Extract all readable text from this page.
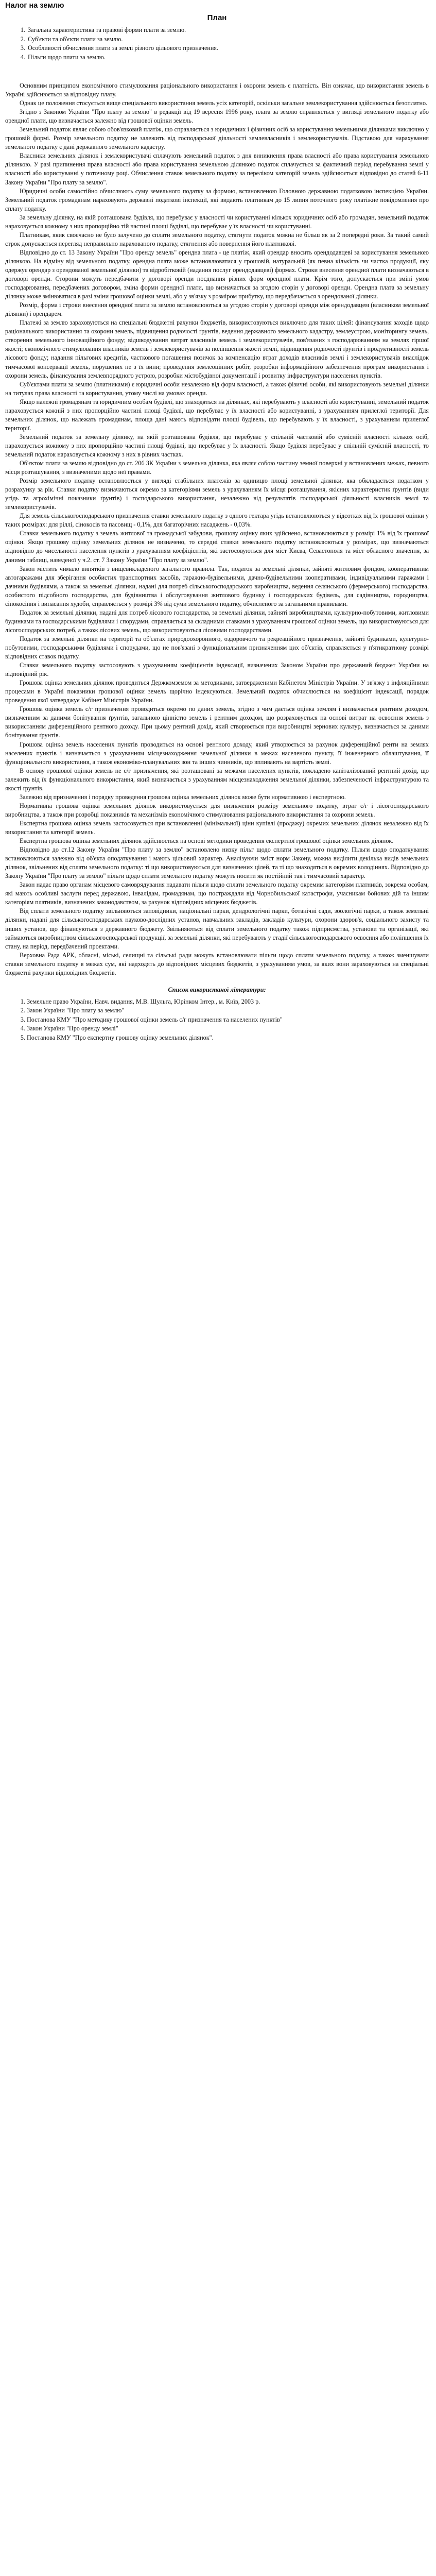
Налог на землю
План
1. Загальна характеристика та правові форми плати за землю.
2. Суб'єкти та об'єкти плати за землю.
3. Особливості обчислення плати за землі різного цільового призначення.
4. Пільги щодо плати за землю.

Основним принципом економічного стимулювання раціонального використання і охорони земель є платність. Він означає, що використання земель в Україні здійснюється за відповідну плату.

Однак це положення стосується вище спеціального використання земель усіх категорій, оскільки загальне землекористування здійснюється безоплатно.

Згідно з Законом України "Про плату за землю" в редакції від 19 вересня 1996 року, плата за землю справляється у вигляді земельного податку або орендної плати, що визначається залежно від грошової оцінки земель.

Земельний податок являє собою обов'язковий платіж, що справляється з юридичних і фізичних осіб за користування земельними ділянками виключно у грошовій формі. Розмір земельного податку не залежить від господарської діяльності землевласників і землекористувачів. Підставою для нарахування земельного податку є дані державного земельного кадастру.

Власники земельних ділянок і землекористувачі сплачують земельний податок з дня виникнення права власності або права користування земельною ділянкою. У разі припинення права власності або права користування земельною ділянкою податок сплачується за фактичний період перебування землі у власності або користуванні у поточному році. Обчислення ставок земельного податку за переліком категорій земель здійснюється відповідно до статей 6-11 Закону України "Про плату за землю".

Юридичні особи самостійно обчислюють суму земельного податку за формою, встановленою Головною державною податковою інспекцією України. Земельний податок громадянам нараховують державні податкові інспекції, які видають платникам до 15 липня поточного року платіжне повідомлення про сплату податку.

За земельну ділянку, на якій розташована будівля, що перебуває у власності чи користуванні кількох юридичних осіб або громадян, земельний податок нараховується кожному з них пропорційно тій частині площі будівлі, що перебуває у їх власності чи користуванні.

Платникам, якик своєчасно не було залучено до сплати земельного податку, стягнути податок можна не більш як за 2 попередні роки. За такий самий строк допускається перегляд неправильно нарахованого податку, стягнення або повернення його платникові.

Відповідно до ст. 13 Закону України "Про оренду земель" орендна плата - це платіж, який орендар вносить орендодавцеві за користування земельною ділянкою. На відміну від земельного податку, орендна плата може встановлюватися у грошовій, натуральній (як певна кількість чи частка продукції, яку одержує орендар з орендованої земельної ділянки) та відробітковій (надання послуг орендодавцеві) формах. Строки внесення орендної плати визначаються в договорі оренди. Сторони можуть передбачити у договорі оренди поєднання різних форм орендної плати. Крім того, допускається при зміні умов господарювання, передбачених договором, зміна форми орендної плати, що визначається за згодою сторін у договорі оренди. Орендна плата за земельну ділянку може змінюватися в разі зміни грошової оцінки землі, або у зв'язку з розміром прибутку, що передбачається з орендованої ділянки.

Розмір, форма і строки внесення орендної плати за землю встановлюються за угодою сторін у договорі оренди між орендодавцем (власником земельної ділянки) і орендарем.

Платежі за землю зараховуються на спеціальні бюджетні рахунки бюджетів, використовуються виключно для таких цілей: фінансування заходів щодо раціонального використання та охорони земель, підвищення родючості ґрунтів, ведення державного земельного кадастру, землеустрою, моніторингу земель, створення земельного інноваційного фонду; відшкодування витрат власників земель і землекористувачів, пов'язаних з господарюванням на землях гіршої якості; економічного стимулювання власників земель і землекористувачів за поліпшення якості землі, підвищення родючості ґрунтів і продуктивності земель лісового фонду; надання пільгових кредитів, часткового погашення позичок за компенсацію втрат доходів власників землі і землекористувачів внаслідок тимчасової консервації земель, порушених не з їх вини; проведення землеоцінних робіт, розробки інформаційного забезпечення програм використання і охорони земель, фінансування землевпорядного устрою, розробки містобудівної документації і розвитку інфраструктури населених пунктів.

Суб'єктами плати за землю (платниками) є юридичні особи незалежно від форм власності, а також фізичні особи, які використовують земельні ділянки на титулах права власності та користування, утому числі на умовах оренди.

Якщо належні громадянам та юридичним особам будівлі, що знаходяться на ділянках, які перебувають у власності або користуванні, земельний податок нараховується кожній з них пропорційно частині площі будівлі, що перебуває у їх власності або користуванні, з урахуванням прилеглої території. Для земельних ділянок, що належать громадянам, площа дані мають відповідати площі будівель, що перебувають у їх власності, з урахуванням прилеглої території.

Земельний податок за земельну ділянку, на якій розташована будівля, що перебуває у спільній частковій або сумісній власності кількох осіб, нараховується кожному з них пропорційно частині площі будівлі, що перебуває у їх власності. Якщо будівля перебуває у спільній сумісній власності, то земельний податок нараховується кожному з них в рівних частках.

Об'єктом плати за землю відповідно до ст. 206 ЗК України з земельна ділянка, яка являє собою частину земної поверхні у встановлених межах, певного місця розташування, з визначеними щодо неї правами.

Розмір земельного податку встановлюється у вигляді стабільних платежів за одиницю площі земельної ділянки, яка обкладається податком у розрахунку за рік. Ставки податку визначаються окремо за категоріями земель з урахуванням їх місця розташування, якісних характеристик ґрунтів (види угідь та агрохімічні показники ґрунтів) і господарського використання, незалежно від результатів господарської діяльності власників землі та землекористувачів.

Для земель сільськогосподарського призначення ставки земельного податку з одного гектара угідь встановлюються у відсотках від їх грошової оцінки у таких розмірах: для ріллі, сінокосів та пасовищ - 0,1%, для багаторічних насаджень - 0,03%.

Ставки земельного податку з земель житлової та громадської забудови, грошову оцінку яких здійснено, встановлюються у розмірі 1% від їх грошової оцінки. Якщо грошову оцінку земельних ділянок не визначено, то середні ставки земельного податку встановлюються у розмірах, що визначаються відповідно до чисельності населення пунктів з урахуванням коефіцієнтів, які застосовуються для міст Києва, Севастополя та міст обласного значення, за даними таблиці, наведеної у ч.2. ст. 7 Закону України "Про плату за землю".

Закон містить чимало винятків з вищевикладеного загального правила. Так, податок за земельні ділянки, зайняті житловим фондом, кооперативним автогаражами для зберігання особистих транспортних засобів, гаражно-будівельними, дачно-будівельними кооперативами, індивідуальними гаражами і дачними будівлями, а також за земельні ділянки, надані для потреб сільськогосподарського виробництва, ведення селянського (фермерського) господарства, особистого підсобного господарства, для будівництва і обслуговування житлового будинку і господарських будівель, для садівництва, городництва, сінокосіння і випасання худоби, справляється у розмірі 3% від суми земельного податку, обчисленого за загальними правилами.

Податок за земельні ділянки, надані для потреб лісового господарства, за земельні ділянки, зайняті виробництвами, культурно-побутовими, житловими будинками та господарськими будівлями і спорудами, справляється за складними ставками з урахуванням грошової оцінки земель, що використовуються для лісогосподарських потреб, а також лісових земель, що використовуються лісовими господарствами.

Податок за земельні ділянки на території та об'єктах природоохоронного, оздоровчого та рекреаційного призначення, зайняті будинками, культурно-побутовими, господарськими будівлями і спорудами, що не пов'язані з функціональним призначенням цих об'єктів, справляється у п'ятикратному розмірі відповідних ставок податку.

Ставки земельного податку застосовують з урахуванням коефіцієнтів індексації, визначених Законом України про державний бюджет України на відповідний рік.

Грошова оцінка земельних ділянок проводиться Держкомземом за методиками, затвердженими Кабінетом Міністрів України. У зв'язку з інфляційними процесами в Україні показники грошової оцінки земель щорічно індексуються. Земельний податок обчислюється на коефіцієнт індексації, порядок проведення якої затверджує Кабінет Міністрів України.

Грошова оцінка земель с/г призначення проводиться окремо по даних земель, згідно з чим дається оцінка землям і визначається рентним доходом, визначенним за даними бонітування ґрунтів, загальною цінністю земель і рентним доходом, що розраховується на основі витрат на освоєння земель з використанням диференційного рентного доходу. При цьому рентний дохід, який створюється при виробництві зернових культур, визначається за даними бонітування ґрунтів.

Грошова оцінка земель населених пунктів проводиться на основі рентного доходу, який утворюється за рахунок диференційної ренти на землях населених пунктів і визначається з урахуванням місцезнаходження земельної ділянки в межах населеного пункту, її інженерного облаштування, її функціонального використання, а також економіко-планувальних зон та інших чинників, що впливають на вартість землі.

В основу грошової оцінки земель не с/г призначення, які розташовані за межами населених пунктів, покладено капіталізований рентний дохід, що залежить від їх функціонального використання, який визначається з урахуванням місцезнаходження земельної ділянки, забезпеченості інфраструктурою та якості ґрунтів.

Залежно від призначення і порядку проведення грошова оцінка земельних ділянок може бути нормативною і експертною.

Нормативна грошова оцінка земельних ділянок використовується для визначення розміру земельного податку, втрат с/г і лісогосподарського виробництва, а також при розробці показників та механізмів економічного стимулювання раціонального використання та охорони земель.

Експертна грошова оцінка земель застосовується при встановленні (мінімальної) ціни купівлі (продажу) окремих земельних ділянок незалежно від їх використання та категорії земель.

Експертна грошова оцінка земельних ділянок здійснюється на основі методики проведення експертної грошової оцінки земельних ділянок.

Відповідно до ст.12 Закону України "Про плату за землю" встановлено низку пільг щодо сплати земельного податку. Пільги щодо оподаткування встановлюються залежно від об'єкта оподаткування і мають цільовий характер. Аналізуючи зміст норм Закону, можна виділити декілька видів земельних ділянок, звільнених від сплати земельного податку: ті що використовуються для визначених цілей, та ті що знаходяться в окремих володіннях. Відповідно до Закону України "Про плату за землю" пільги щодо сплати земельного податку можуть носити як постійний так і тимчасовий характер.

Закон надає право органам місцевого самоврядування надавати пільги щодо сплати земельного податку окремим категоріям платників, зокрема особам, які мають особливі заслуги перед державою, інвалідам, громадянам, що постраждали від Чорнобильської катастрофи, учасникам бойових дій та іншим категоріям платників, визначених законодавством, за рахунок відповідних місцевих бюджетів.

Від сплати земельного податку звільняються заповідники, національні парки, дендрологічні парки, ботанічні сади, зоологічні парки, а також земельні ділянки, надані для сільськогосподарських науково-дослідних установ, навчальних закладів, закладів культури, охорони здоров'я, соціального захисту та інших установ, що фінансуються з державного бюджету. Звільняються від сплати земельного податку також підприємства, установи та організації, які займаються виробництвом сільськогосподарської продукції, за земельні ділянки, які перебувають у стадії сільськогосподарського освоєння або поліпшення їх стану, на період, передбачений проектами.

Верховна Рада АРК, обласні, міські, селищні та сільські ради можуть встановлювати пільги щодо сплати земельного податку, а також зменшувати ставки земельного податку в межах сум, які надходять до відповідних місцевих бюджетів, з урахуванням умов, за яких вони зараховуються на спеціальні бюджетні рахунки відповідних бюджетів.

Список використаної літератури:
1. Земельне право України, Навч. видання, М.В. Шульга, Юрінком Інтер., м. Київ, 2003 р.
2. Закон України "Про плату за землю"
3. Постанова КМУ "Про методику грошової оцінки земель с/г призначення та населених пунктів"
4. Закон України "Про оренду землі"
5. Постанова КМУ "Про експертну грошову оцінку земельних ділянок".
